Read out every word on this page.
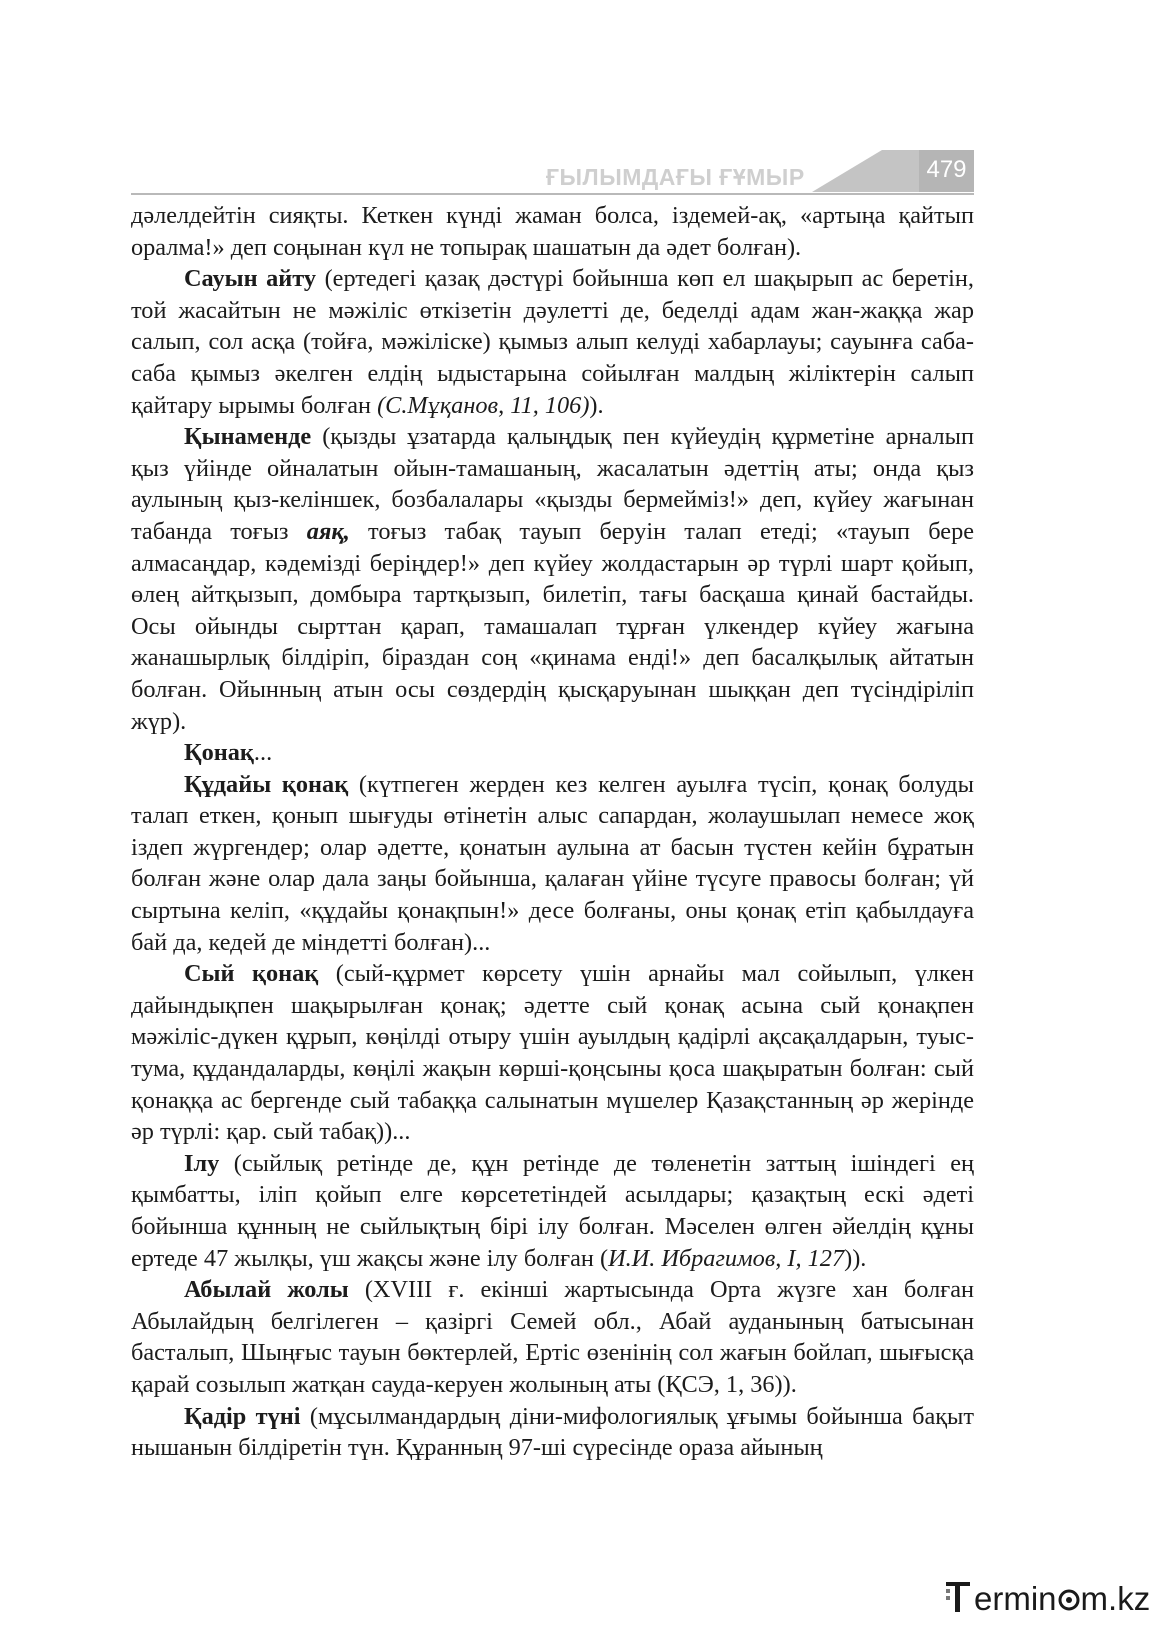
ҒЫЛЫМДАҒЫ ҒҰМЫР	479

дәлелдейтін сияқты. Кеткен күнді жаман болса, іздемей-ақ, «артыңа қайтып оралма!» деп соңынан күл не топырақ шашатын да әдет болған).

Сауын айту (ертедегі қазақ дәстүрі бойынша көп ел шақырып ас беретін, той жасайтын не мәжіліс өткізетін дәулетті де, беделді адам жан-жаққа жар салып, сол асқа (тойға, мәжіліске) қымыз алып келуді хабарлауы; сауынға саба-саба қымыз әкелген елдің ыдыстарына сойылған малдың жіліктерін салып қайтару ырымы болған (С.Мұқанов, 11, 106)).

Қынаменде (қызды ұзатарда қалыңдық пен күйеудің құрметіне арналып қыз үйінде ойналатын ойын-тамашаның, жасалатын әдеттің аты; онда қыз аулының қыз-келіншек, бозбалалары «қызды бермейміз!» деп, күйеу жағынан табанда тоғыз аяқ, тоғыз табақ тауып беруін талап етеді; «тауып бере алмасаңдар, кәдемізді беріңдер!» деп күйеу жолдастарын әр түрлі шарт қойып, өлең айтқызып, домбыра тартқызып, билетіп, тағы басқаша қинай бастайды. Осы ойынды сырттан қарап, тамашалап тұрған үлкендер күйеу жағына жанашырлық білдіріп, біраздан соң «қинама енді!» деп басалқылық айтатын болған. Ойынның атын осы сөздердің қысқаруынан шыққан деп түсіндіріліп жүр).

Қонақ...

Құдайы қонақ (күтпеген жерден кез келген ауылға түсіп, қонақ болуды талап еткен, қонып шығуды өтінетін алыс сапардан, жолаушылап немесе жоқ іздеп жүргендер; олар әдетте, қонатын аулына ат басын түстен кейін бұратын болған және олар дала заңы бойынша, қалаған үйіне түсуге правосы болған; үй сыртына келіп, «құдайы қонақпын!» десе болғаны, оны қонақ етіп қабылдауға бай да, кедей де міндетті болған)...

Сый қонақ (сый-құрмет көрсету үшін арнайы мал сойылып, үлкен дайындықпен шақырылған қонақ; әдетте сый қонақ асына сый қонақпен мәжіліс-дүкен құрып, көңілді отыру үшін ауылдың қадірлі ақсақалдарын, туыс-тума, құдандаларды, көңілі жақын көрші-қоңсыны қоса шақыратын болған: сый қонаққа ас бергенде сый табаққа салынатын мүшелер Қазақстанның әр жерінде әр түрлі: қар. сый табақ))...

Ілу (сыйлық ретінде де, құн ретінде де төленетін заттың ішіндегі ең қымбатты, іліп қойып елге көрсететіндей асылдары; қазақтың ескі әдеті бойынша құнның не сыйлықтың бірі ілу болған. Мәселен өлген әйелдің құны ертеде 47 жылқы, үш жақсы және ілу болған (И.И. Ибрагимов, І, 127)).

Абылай жолы (XVIII ғ. екінші жартысында Орта жүзге хан болған Абылайдың белгілеген – қазіргі Семей обл., Абай ауданының батысынан басталып, Шыңғыс тауын бөктерлей, Ертіс өзенінің сол жағын бойлап, шығысқа қарай созылып жатқан сауда-керуен жолының аты (ҚСЭ, 1, 36)).

Қадір түні (мұсылмандардың діни-мифологиялық ұғымы бойынша бақыт нышанын білдіретін түн. Құранның 97-ші сүресінде ораза айының

ermin m.kz
